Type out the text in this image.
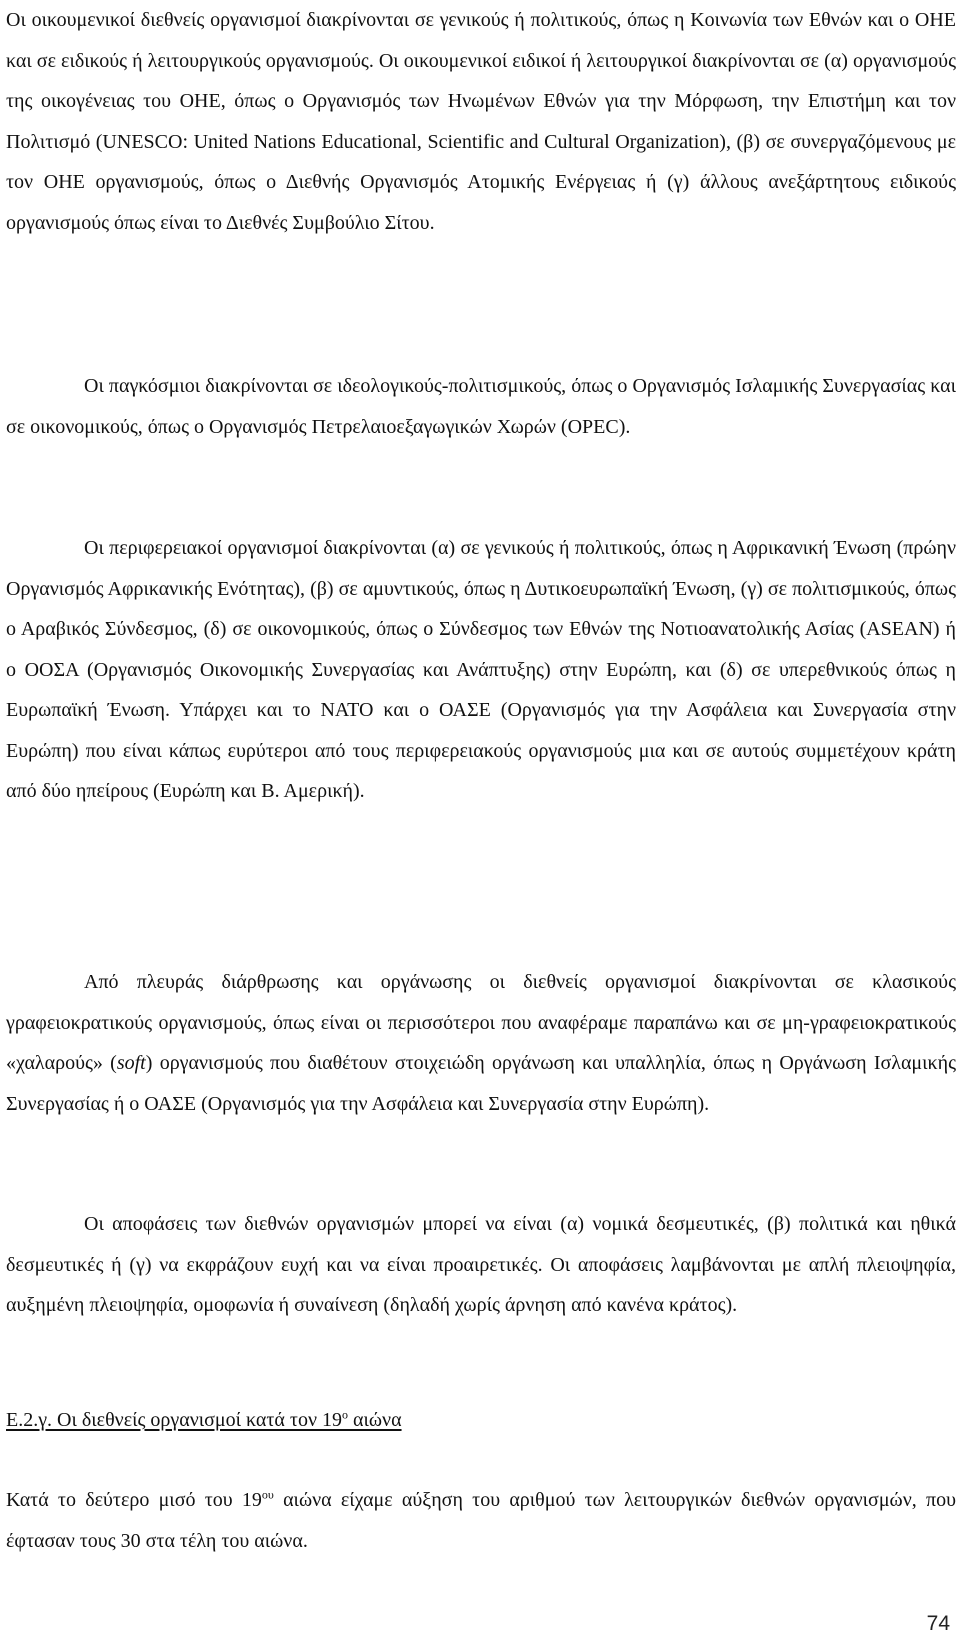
Οι οικουμενικοί διεθνείς οργανισμοί διακρίνονται σε γενικούς ή πολιτικούς, όπως η Κοινωνία των Εθνών και ο ΟΗΕ και σε ειδικούς ή λειτουργικούς οργανισμούς. Οι οικουμενικοί ειδικοί ή λειτουργικοί διακρίνονται σε (α) οργανισμούς της οικογένειας του ΟΗΕ, όπως ο Οργανισμός των Ηνωμένων Εθνών για την Μόρφωση, την Επιστήμη και τον Πολιτισμό (UNESCO: United Nations Educational, Scientific and Cultural Organization), (β) σε συνεργαζόμενους με τον ΟΗΕ οργανισμούς, όπως ο Διεθνής Οργανισμός Ατομικής Ενέργειας ή (γ) άλλους ανεξάρτητους ειδικούς οργανισμούς όπως είναι το Διεθνές Συμβούλιο Σίτου.

Οι παγκόσμιοι διακρίνονται σε ιδεολογικούς-πολιτισμικούς, όπως ο Οργανισμός Ισλαμικής Συνεργασίας και σε οικονομικούς, όπως ο Οργανισμός Πετρελαιοεξαγωγικών Χωρών (OPEC).

Οι περιφερειακοί οργανισμοί διακρίνονται (α) σε γενικούς ή πολιτικούς, όπως η Αφρικανική Ένωση (πρώην Οργανισμός Αφρικανικής Ενότητας), (β) σε αμυντικούς, όπως η Δυτικοευρωπαϊκή Ένωση, (γ) σε πολιτισμικούς, όπως ο Αραβικός Σύνδεσμος, (δ) σε οικονομικούς, όπως ο Σύνδεσμος των Εθνών της Νοτιοανατολικής Ασίας (ASEAN) ή ο ΟΟΣΑ (Οργανισμός Οικονομικής Συνεργασίας και Ανάπτυξης) στην Ευρώπη, και (δ) σε υπερεθνικούς όπως η Ευρωπαϊκή Ένωση. Υπάρχει και το ΝΑΤΟ και ο ΟΑΣΕ (Οργανισμός για την Ασφάλεια και Συνεργασία στην Ευρώπη) που είναι κάπως ευρύτεροι από τους περιφερειακούς οργανισμούς μια και σε αυτούς συμμετέχουν κράτη από δύο ηπείρους (Ευρώπη και Β. Αμερική).

Από πλευράς διάρθρωσης και οργάνωσης οι διεθνείς οργανισμοί διακρίνονται σε κλασικούς γραφειοκρατικούς οργανισμούς, όπως είναι οι περισσότεροι που αναφέραμε παραπάνω και σε μη-γραφειοκρατικούς «χαλαρούς» (soft) οργανισμούς που διαθέτουν στοιχειώδη οργάνωση και υπαλληλία, όπως η Οργάνωση Ισλαμικής Συνεργασίας ή ο ΟΑΣΕ (Οργανισμός για την Ασφάλεια και Συνεργασία στην Ευρώπη).

Οι αποφάσεις των διεθνών οργανισμών μπορεί να είναι (α) νομικά δεσμευτικές, (β) πολιτικά και ηθικά δεσμευτικές ή (γ) να εκφράζουν ευχή και να είναι προαιρετικές. Οι αποφάσεις λαμβάνονται με απλή πλειοψηφία, αυξημένη πλειοψηφία, ομοφωνία ή συναίνεση (δηλαδή χωρίς άρνηση από κανένα κράτος).

Ε.2.γ. Οι διεθνείς οργανισμοί κατά τον $19^o$ αιώνα

Κατά το δεύτερο μισό του $19^{o\upsilon}$ αιώνα είχαμε αύξηση του αριθμού των λειτουργικών διεθνών οργανισμών, που έφτασαν τους 30 στα τέλη του αιώνα.

74
